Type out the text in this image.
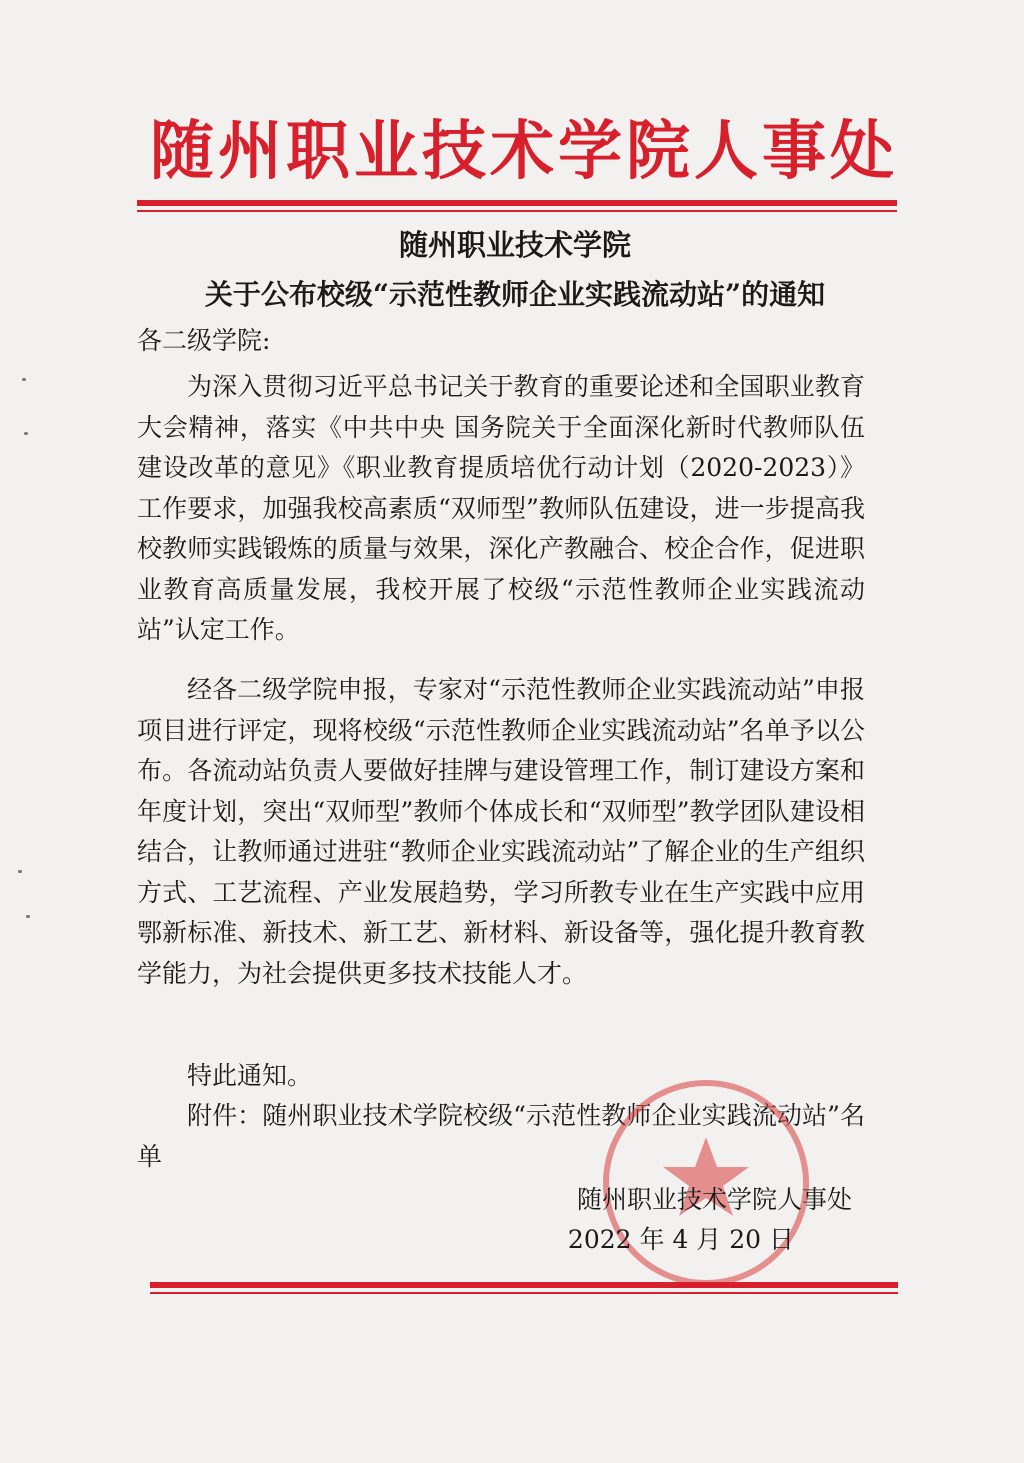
随州职业技术学院人事处
随州职业技术学院
关于公布校级“示范性教师企业实践流动站”的通知
各二级学院:
为深入贯彻习近平总书记关于教育的重要论述和全国职业教育大会精神，落实《中共中央 国务院关于全面深化新时代教师队伍建设改革的意见》《职业教育提质培优行动计划（2020-2023）》工作要求，加强我校高素质“双师型”教师队伍建设，进一步提高我校教师实践锻炼的质量与效果，深化产教融合、校企合作，促进职业教育高质量发展，我校开展了校级“示范性教师企业实践流动站”认定工作。
经各二级学院申报，专家对“示范性教师企业实践流动站”申报项目进行评定，现将校级“示范性教师企业实践流动站”名单予以公布。各流动站负责人要做好挂牌与建设管理工作，制订建设方案和年度计划，突出“双师型”教师个体成长和“双师型”教学团队建设相结合，让教师通过进驻“教师企业实践流动站”了解企业的生产组织方式、工艺流程、产业发展趋势，学习所教专业在生产实践中应用鄂新标准、新技术、新工艺、新材料、新设备等，强化提升教育教学能力，为社会提供更多技术技能人才。
特此通知。
附件：随州职业技术学院校级“示范性教师企业实践流动站”名单
随州职业技术学院人事处
2022 年 4 月 20 日
